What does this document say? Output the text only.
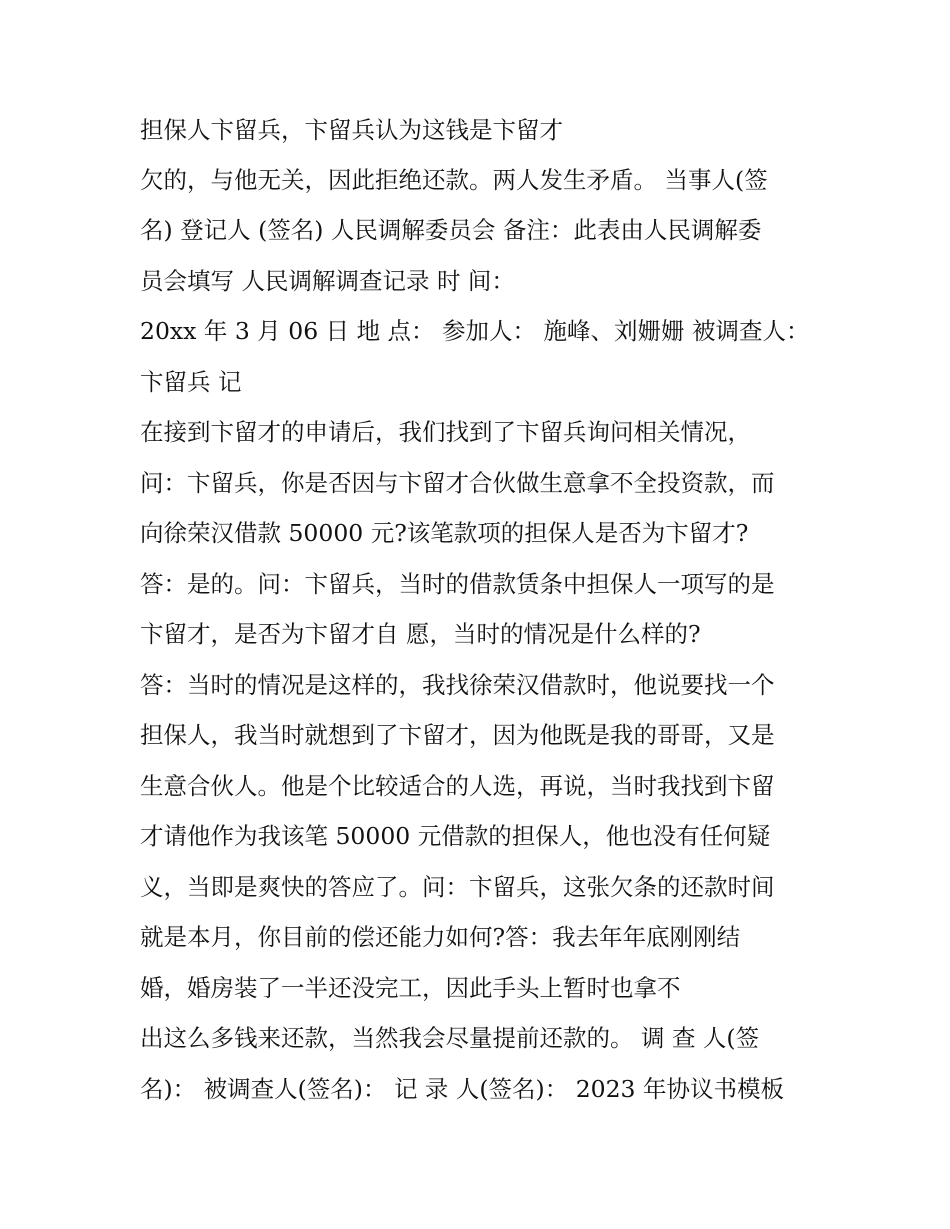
担保人卞留兵，卞留兵认为这钱是卞留才
欠的，与他无关，因此拒绝还款。两人发生矛盾。 当事人(签
名) 登记人 (签名) 人民调解委员会 备注：此表由人民调解委
员会填写 人民调解调查记录 时 间：
20xx 年 3 月 06 日 地 点： 参加人： 施峰、刘姗姗 被调查人：
卞留兵 记
在接到卞留才的申请后，我们找到了卞留兵询问相关情况，
问：卞留兵，你是否因与卞留才合伙做生意拿不全投资款，而
向徐荣汉借款 50000 元?该笔款项的担保人是否为卞留才?
答：是的。问：卞留兵，当时的借款赁条中担保人一项写的是
卞留才，是否为卞留才自 愿，当时的情况是什么样的?
答：当时的情况是这样的，我找徐荣汉借款时，他说要找一个
担保人，我当时就想到了卞留才，因为他既是我的哥哥，又是
生意合伙人。他是个比较适合的人选，再说，当时我找到卞留
才请他作为我该笔 50000 元借款的担保人，他也没有任何疑
义，当即是爽快的答应了。问：卞留兵，这张欠条的还款时间
就是本月，你目前的偿还能力如何?答：我去年年底刚刚结
婚，婚房装了一半还没完工，因此手头上暂时也拿不
出这么多钱来还款，当然我会尽量提前还款的。 调 查 人(签
名)： 被调查人(签名)： 记 录 人(签名)： 2023 年协议书模板
